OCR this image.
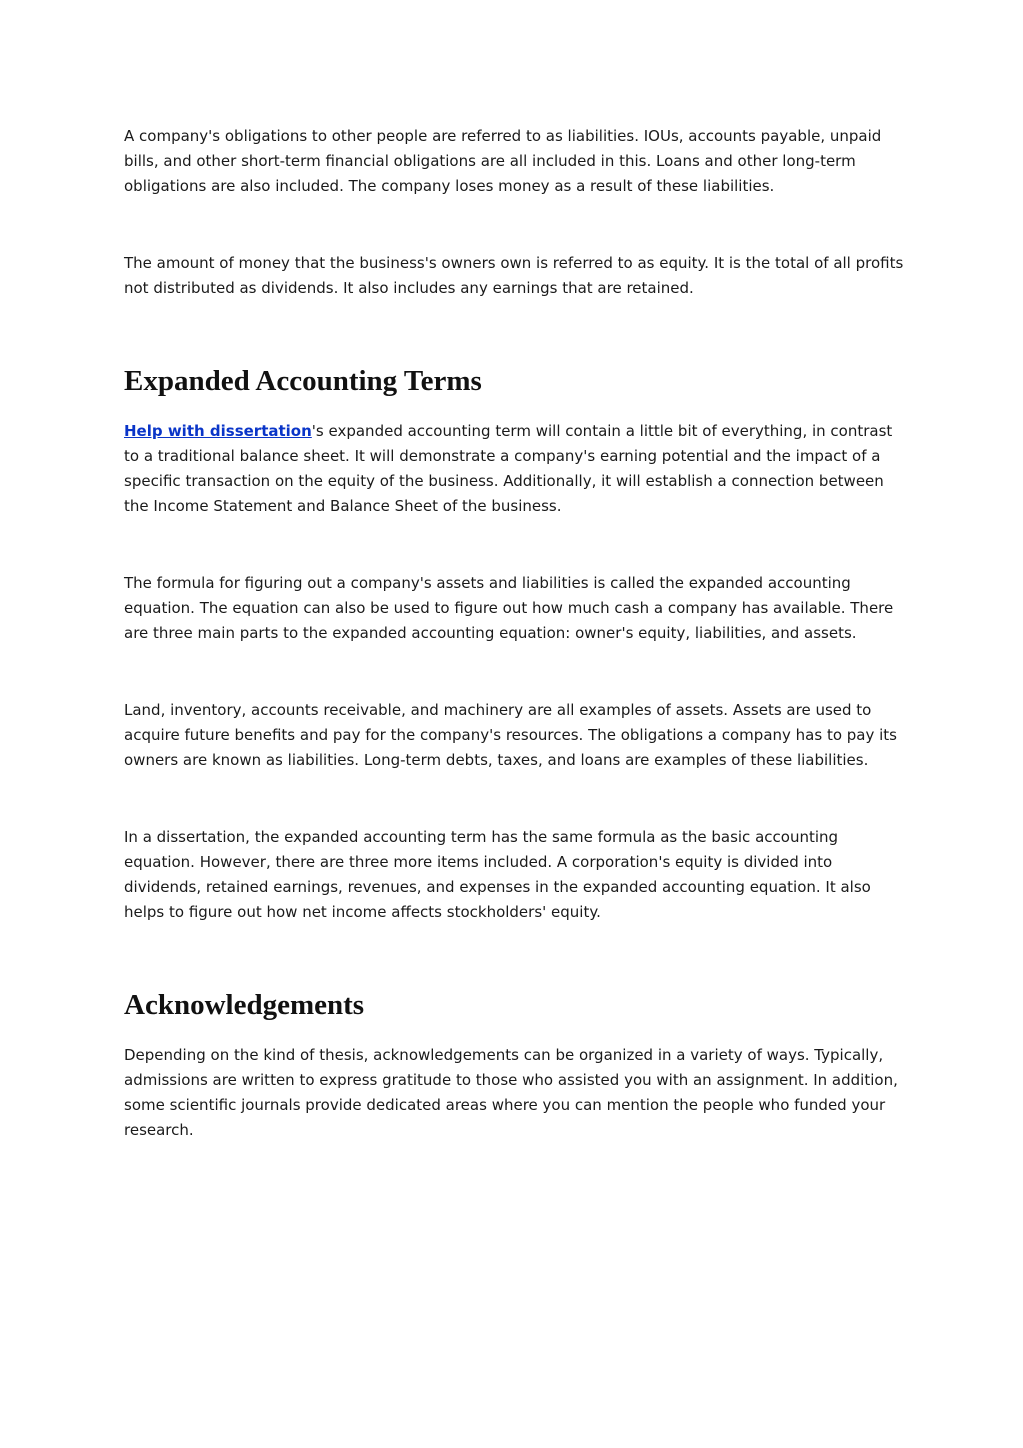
A company's obligations to other people are referred to as liabilities. IOUs, accounts payable, unpaid bills, and other short-term financial obligations are all included in this. Loans and other long-term obligations are also included. The company loses money as a result of these liabilities.

The amount of money that the business's owners own is referred to as equity. It is the total of all profits not distributed as dividends. It also includes any earnings that are retained.

Expanded Accounting Terms

Help with dissertation's expanded accounting term will contain a little bit of everything, in contrast to a traditional balance sheet. It will demonstrate a company's earning potential and the impact of a specific transaction on the equity of the business. Additionally, it will establish a connection between the Income Statement and Balance Sheet of the business.

The formula for figuring out a company's assets and liabilities is called the expanded accounting equation. The equation can also be used to figure out how much cash a company has available. There are three main parts to the expanded accounting equation: owner's equity, liabilities, and assets.

Land, inventory, accounts receivable, and machinery are all examples of assets. Assets are used to acquire future benefits and pay for the company's resources. The obligations a company has to pay its owners are known as liabilities. Long-term debts, taxes, and loans are examples of these liabilities.

In a dissertation, the expanded accounting term has the same formula as the basic accounting equation. However, there are three more items included. A corporation's equity is divided into dividends, retained earnings, revenues, and expenses in the expanded accounting equation. It also helps to figure out how net income affects stockholders' equity.

Acknowledgements

Depending on the kind of thesis, acknowledgements can be organized in a variety of ways. Typically, admissions are written to express gratitude to those who assisted you with an assignment. In addition, some scientific journals provide dedicated areas where you can mention the people who funded your research.
